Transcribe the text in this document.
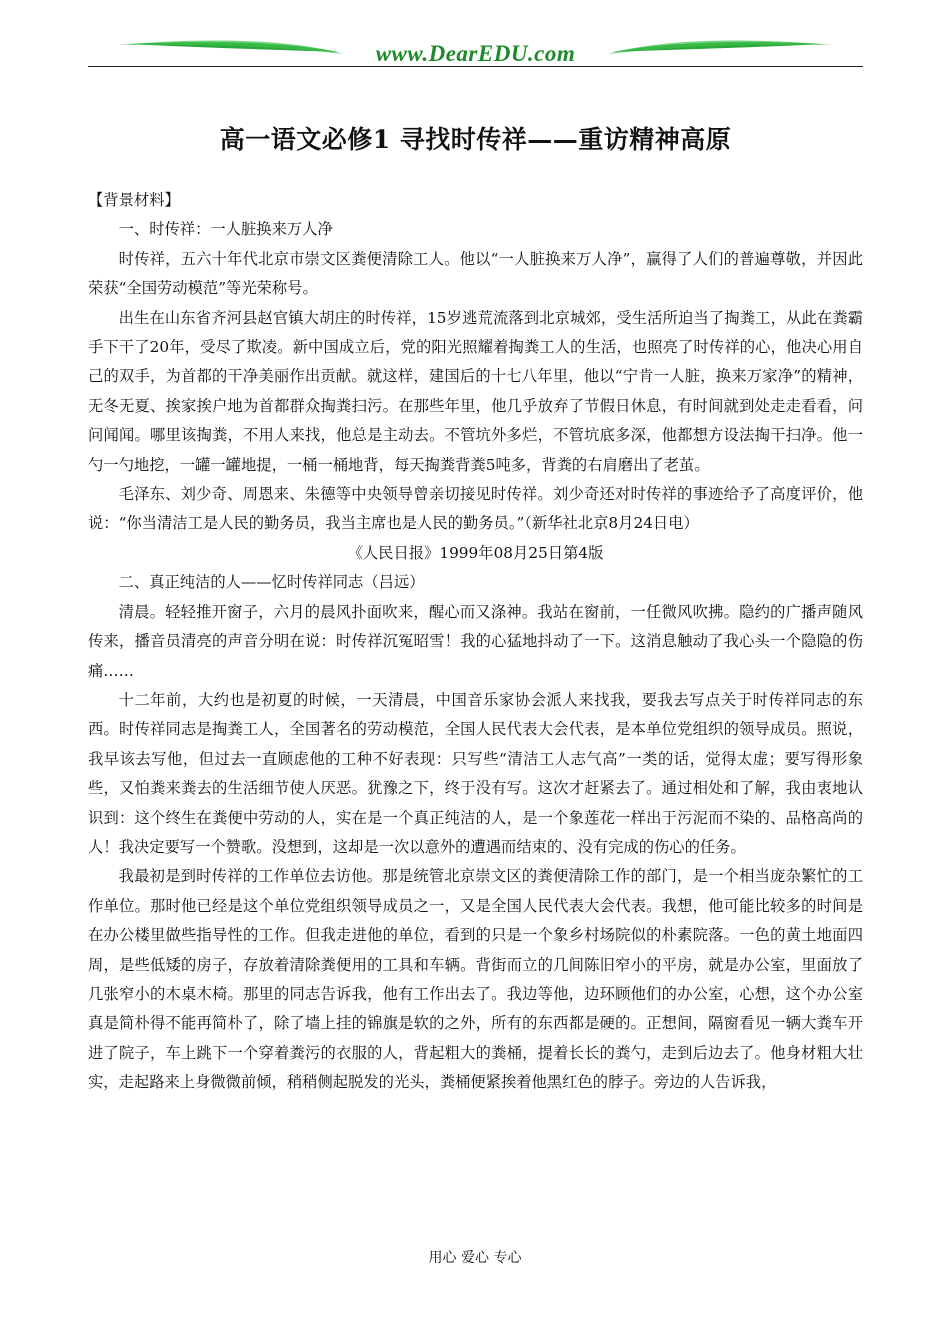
www.DearEDU.com
高一语文必修1 寻找时传祥——重访精神高原

【背景材料】

一、时传祥：一人脏换来万人净

时传祥，五六十年代北京市崇文区粪便清除工人。他以“一人脏换来万人净”，赢得了人们的普遍尊敬，并因此荣获“全国劳动模范”等光荣称号。

出生在山东省齐河县赵官镇大胡庄的时传祥，15岁逃荒流落到北京城郊，受生活所迫当了掏粪工，从此在粪霸手下干了20年，受尽了欺凌。新中国成立后，党的阳光照耀着掏粪工人的生活，也照亮了时传祥的心，他决心用自己的双手，为首都的干净美丽作出贡献。就这样，建国后的十七八年里，他以“宁肯一人脏，换来万家净”的精神，无冬无夏、挨家挨户地为首都群众掏粪扫污。在那些年里，他几乎放弃了节假日休息，有时间就到处走走看看，问问闻闻。哪里该掏粪，不用人来找，他总是主动去。不管坑外多烂，不管坑底多深，他都想方设法掏干扫净。他一勺一勺地挖，一罐一罐地提，一桶一桶地背，每天掏粪背粪5吨多，背粪的右肩磨出了老茧。

毛泽东、刘少奇、周恩来、朱德等中央领导曾亲切接见时传祥。刘少奇还对时传祥的事迹给予了高度评价，他说：“你当清洁工是人民的勤务员，我当主席也是人民的勤务员。”（新华社北京8月24日电）

《人民日报》1999年08月25日第4版

二、真正纯洁的人——忆时传祥同志（吕远）

清晨。轻轻推开窗子，六月的晨风扑面吹来，醒心而又涤神。我站在窗前，一任微风吹拂。隐约的广播声随风传来，播音员清亮的声音分明在说：时传祥沉冤昭雪！我的心猛地抖动了一下。这消息触动了我心头一个隐隐的伤痛……

十二年前，大约也是初夏的时候，一天清晨，中国音乐家协会派人来找我，要我去写点关于时传祥同志的东西。时传祥同志是掏粪工人，全国著名的劳动模范，全国人民代表大会代表，是本单位党组织的领导成员。照说，我早该去写他，但过去一直顾虑他的工种不好表现：只写些“清洁工人志气高”一类的话，觉得太虚；要写得形象些，又怕粪来粪去的生活细节使人厌恶。犹豫之下，终于没有写。这次才赶紧去了。通过相处和了解，我由衷地认识到：这个终生在粪便中劳动的人，实在是一个真正纯洁的人，是一个象莲花一样出于污泥而不染的、品格高尚的人！我决定要写一个赞歌。没想到，这却是一次以意外的遭遇而结束的、没有完成的伤心的任务。

我最初是到时传祥的工作单位去访他。那是统管北京崇文区的粪便清除工作的部门，是一个相当庞杂繁忙的工作单位。那时他已经是这个单位党组织领导成员之一，又是全国人民代表大会代表。我想，他可能比较多的时间是在办公楼里做些指导性的工作。但我走进他的单位，看到的只是一个象乡村场院似的朴素院落。一色的黄土地面四周，是些低矮的房子，存放着清除粪便用的工具和车辆。背街而立的几间陈旧窄小的平房，就是办公室，里面放了几张窄小的木桌木椅。那里的同志告诉我，他有工作出去了。我边等他，边环顾他们的办公室，心想，这个办公室真是简朴得不能再简朴了，除了墙上挂的锦旗是软的之外，所有的东西都是硬的。正想间，隔窗看见一辆大粪车开进了院子，车上跳下一个穿着粪污的衣服的人，背起粗大的粪桶，提着长长的粪勺，走到后边去了。他身材粗大壮实，走起路来上身微微前倾，稍稍侧起脱发的光头，粪桶便紧挨着他黑红色的脖子。旁边的人告诉我，

用心 爱心 专心
